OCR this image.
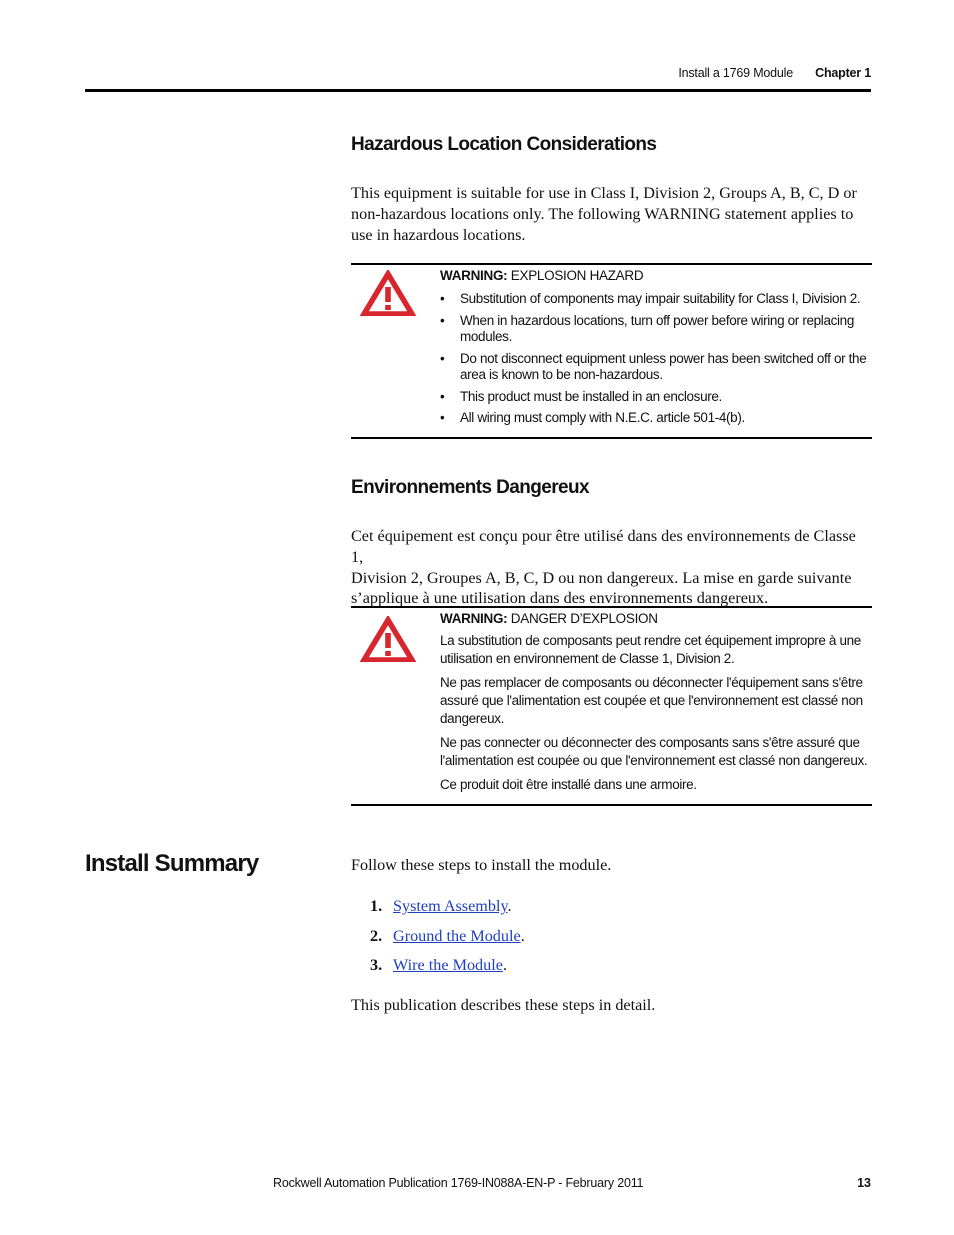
Install a 1769 Module Chapter 1
Hazardous Location Considerations

This equipment is suitable for use in Class I, Division 2, Groups A, B, C, D or
non-hazardous locations only. The following WARNING statement applies to
use in hazardous locations.

WARNING: EXPLOSION HAZARD
• Substitution of components may impair suitability for Class I, Division 2.
• When in hazardous locations, turn off power before wiring or replacing
modules.
• Do not disconnect equipment unless power has been switched off or the
area is known to be non-hazardous.
• This product must be installed in an enclosure.
• All wiring must comply with N.E.C. article 501-4(b).
Environnements Dangereux

Cet équipement est conçu pour être utilisé dans des environnements de Classe 1,
Division 2, Groupes A, B, C, D ou non dangereux. La mise en garde suivante
s’applique à une utilisation dans des environnements dangereux.

WARNING: DANGER D’EXPLOSION

La substitution de composants peut rendre cet équipement impropre à une
utilisation en environnement de Classe 1, Division 2.

Ne pas remplacer de composants ou déconnecter l'équipement sans s'être
assuré que l'alimentation est coupée et que l'environnement est classé non
dangereux.

Ne pas connecter ou déconnecter des composants sans s'être assuré que
l'alimentation est coupée ou que l'environnement est classé non dangereux.

Ce produit doit être installé dans une armoire.

Install Summary	Follow these steps to install the module.

1. System Assembly.
2. Ground the Module.
3. Wire the Module.

This publication describes these steps in detail.

Rockwell Automation Publication 1769-IN088A-EN-P - February 2011	13
